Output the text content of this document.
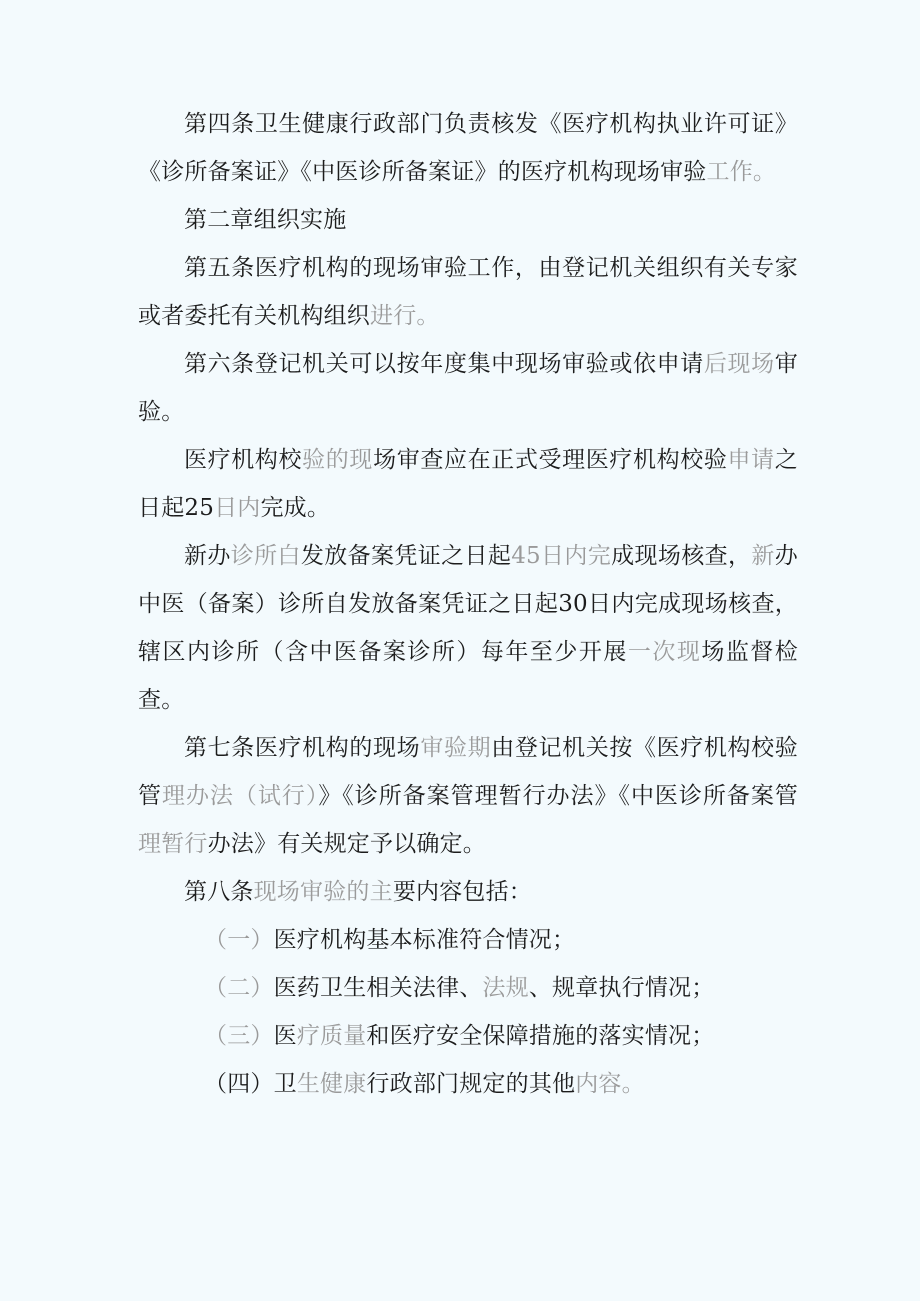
第四条卫生健康行政部门负责核发《医疗机构执业许可证》《诊所备案证》《中医诊所备案证》的医疗机构现场审验工作。

第二章组织实施

第五条医疗机构的现场审验工作，由登记机关组织有关专家或者委托有关机构组织进行。

第六条登记机关可以按年度集中现场审验或依申请后现场审验。

医疗机构校验的现场审查应在正式受理医疗机构校验申请之日起25日内完成。

新办诊所白发放备案凭证之日起45日内完成现场核查，新办中医（备案）诊所自发放备案凭证之日起30日内完成现场核查，辖区内诊所（含中医备案诊所）每年至少开展一次现场监督检查。

第七条医疗机构的现场审验期由登记机关按《医疗机构校验管理办法（试行）》《诊所备案管理暂行办法》《中医诊所备案管理暂行办法》有关规定予以确定。

第八条现场审验的主要内容包括：

（一）医疗机构基本标准符合情况；

（二）医药卫生相关法律、法规、规章执行情况；

（三）医疗质量和医疗安全保障措施的落实情况；

（四）卫生健康行政部门规定的其他内容。
